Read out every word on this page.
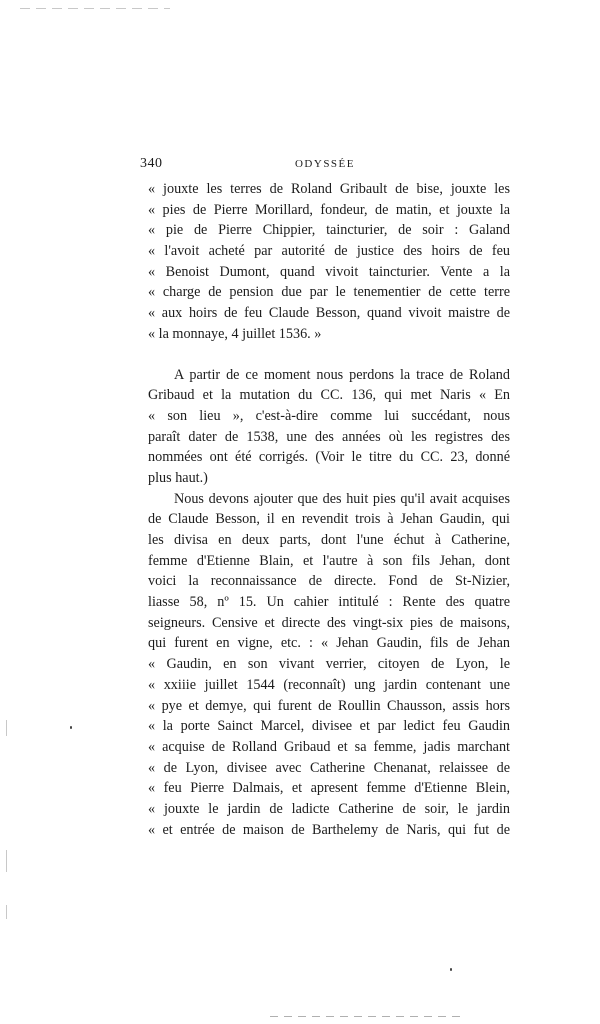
340	ODYSSÉE
« jouxte les terres de Roland Gribault de bise, jouxte les
« pies de Pierre Morillard, fondeur, de matin, et jouxte la
« pie de Pierre Chippier, taincturier, de soir : Galand
« l'avoit acheté par autorité de justice des hoirs de feu
« Benoist Dumont, quand vivoit taincturier. Vente a la
« charge de pension due par le tenementier de cette terre
« aux hoirs de feu Claude Besson, quand vivoit maistre de
« la monnaye, 4 juillet 1536. »
A partir de ce moment nous perdons la trace de Roland
Gribaud et la mutation du CC. 136, qui met Naris « En
« son lieu », c'est-à-dire comme lui succédant, nous
paraît dater de 1538, une des années où les registres des
nommées ont été corrigés. (Voir le titre du CC. 23, donné
plus haut.)
Nous devons ajouter que des huit pies qu'il avait acquises
de Claude Besson, il en revendit trois à Jehan Gaudin, qui
les divisa en deux parts, dont l'une échut à Catherine,
femme d'Etienne Blain, et l'autre à son fils Jehan, dont
voici la reconnaissance de directe. Fond de St-Nizier,
liasse 58, nº 15. Un cahier intitulé : Rente des quatre
seigneurs. Censive et directe des vingt-six pies de maisons,
qui furent en vigne, etc. : « Jehan Gaudin, fils de Jehan
« Gaudin, en son vivant verrier, citoyen de Lyon, le
« xxiiie juillet 1544 (reconnaît) ung jardin contenant une
« pye et demye, qui furent de Roullin Chausson, assis hors
« la porte Sainct Marcel, divisee et par ledict feu Gaudin
« acquise de Rolland Gribaud et sa femme, jadis marchant
« de Lyon, divisee avec Catherine Chenanat, relaissee de
« feu Pierre Dalmais, et apresent femme d'Etienne Blein,
« jouxte le jardin de ladicte Catherine de soir, le jardin
« et entrée de maison de Barthelemy de Naris, qui fut de
